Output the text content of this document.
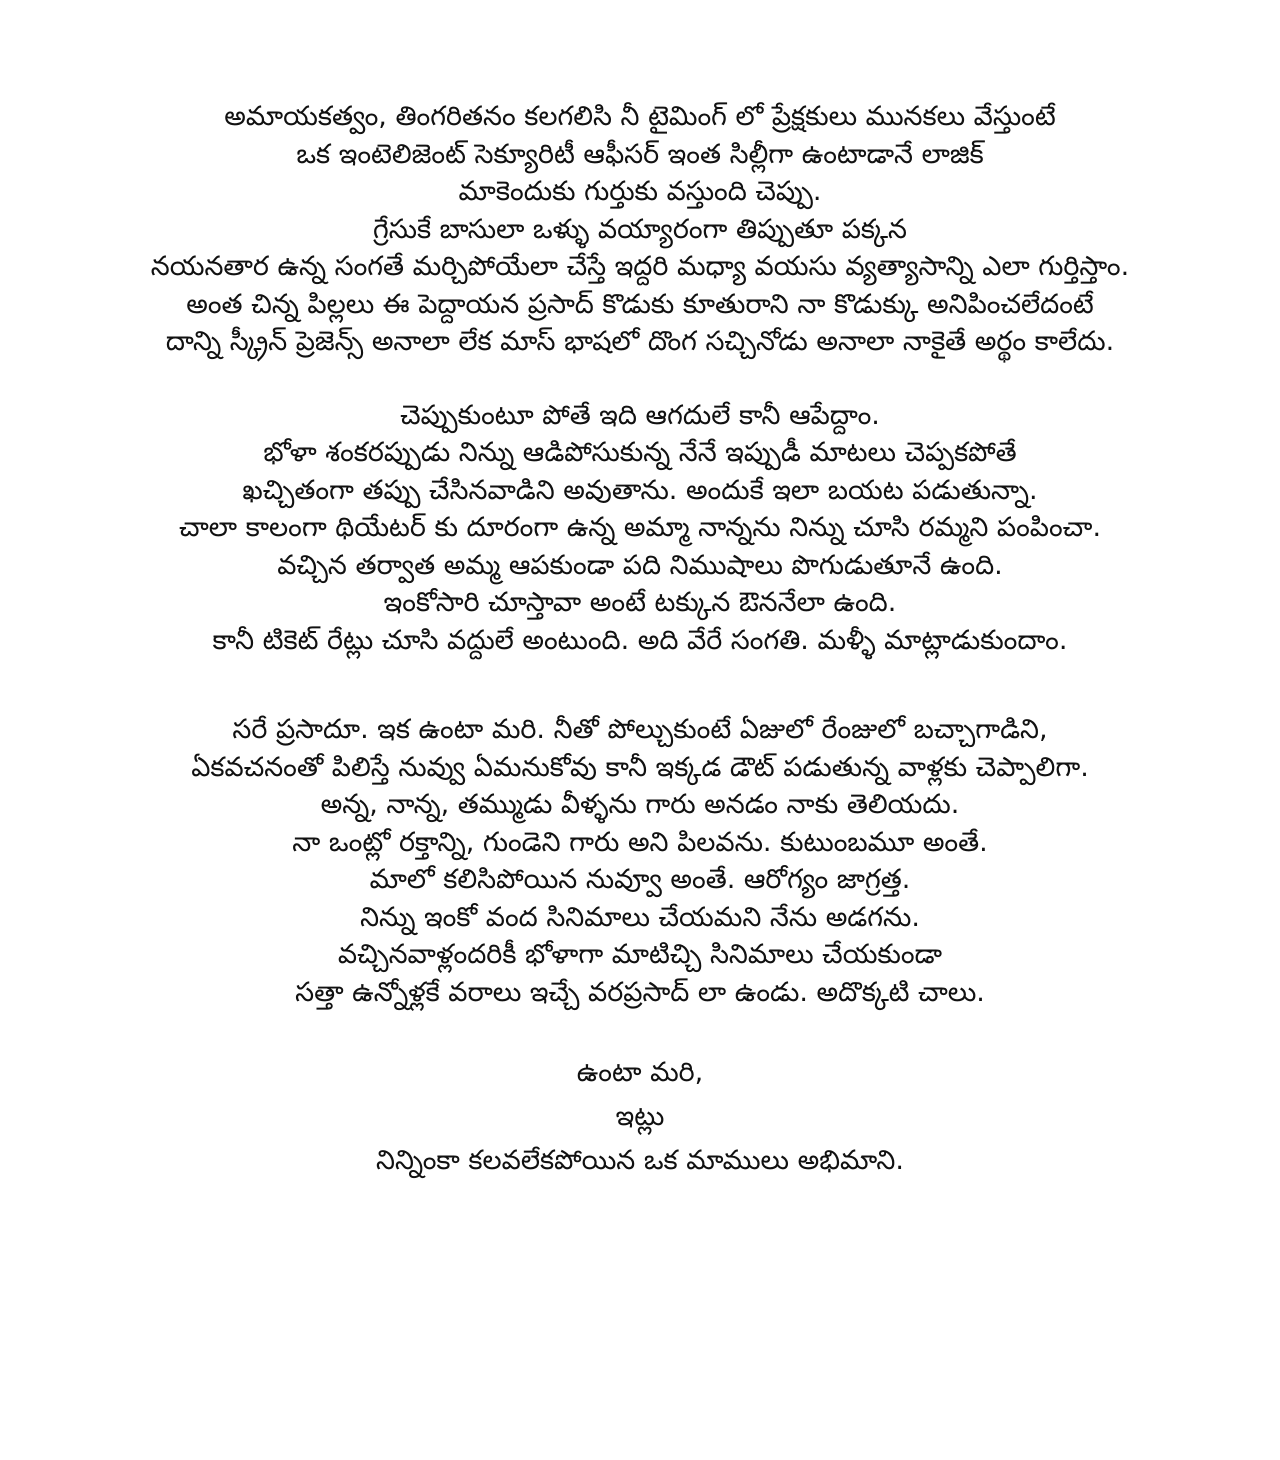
అమాయకత్వం, తింగరితనం కలగలిసి నీ టైమింగ్ లో ప్రేక్షకులు మునకలు వేస్తుంటే
ఒక ఇంటెలిజెంట్ సెక్యూరిటీ ఆఫీసర్ ఇంత సిల్లీగా ఉంటాడానే లాజిక్
మాకెందుకు గుర్తుకు వస్తుంది చెప్పు.
గ్రేసుకే బాసులా ఒళ్ళు వయ్యారంగా తిప్పుతూ పక్కన
నయనతార ఉన్న సంగతే మర్చిపోయేలా చేస్తే ఇద్దరి మధ్యా వయసు వ్యత్యాసాన్ని ఎలా గుర్తిస్తాం.
అంత చిన్న పిల్లలు ఈ పెద్దాయన ప్రసాద్ కొడుకు కూతురాని నా కొడుక్కు అనిపించలేదంటే
దాన్ని స్క్రీన్ ప్రెజెన్స్ అనాలా లేక మాస్ భాషలో దొంగ సచ్చినోడు అనాలా నాకైతే అర్థం కాలేదు.

చెప్పుకుంటూ పోతే ఇది ఆగదులే కానీ ఆపేద్దాం.
భోళా శంకరప్పుడు నిన్ను ఆడిపోసుకున్న నేనే ఇప్పుడీ మాటలు చెప్పకపోతే
ఖచ్చితంగా తప్పు చేసినవాడిని అవుతాను. అందుకే ఇలా బయట పడుతున్నా.
చాలా కాలంగా థియేటర్ కు దూరంగా ఉన్న అమ్మా నాన్నను నిన్ను చూసి రమ్మని పంపించా.
వచ్చిన తర్వాత అమ్మ ఆపకుండా పది నిముషాలు పొగుడుతూనే ఉంది.
ఇంకోసారి చూస్తావా అంటే టక్కున ఔననేలా ఉంది.
కానీ టికెట్ రేట్లు చూసి వద్దులే అంటుంది. అది వేరే సంగతి. మళ్ళీ మాట్లాడుకుందాం.

సరే ప్రసాదూ. ఇక ఉంటా మరి. నీతో పోల్చుకుంటే ఏజులో రేంజులో బచ్చాగాడిని,
ఏకవచనంతో పిలిస్తే నువ్వు ఏమనుకోవు కానీ ఇక్కడ డౌట్ పడుతున్న వాళ్లకు చెప్పాలిగా.
అన్న, నాన్న, తమ్ముడు వీళ్ళను గారు అనడం నాకు తెలియదు.
నా ఒంట్లో రక్తాన్ని, గుండెని గారు అని పిలవను. కుటుంబమూ అంతే.
మాలో కలిసిపోయిన నువ్వూ అంతే. ఆరోగ్యం జాగ్రత్త.
నిన్ను ఇంకో వంద సినిమాలు చేయమని నేను అడగను.
వచ్చినవాళ్లందరికీ భోళాగా మాటిచ్చి సినిమాలు చేయకుండా
సత్తా ఉన్నోళ్లకే వరాలు ఇచ్చే వరప్రసాద్ లా ఉండు. అదొక్కటి చాలు.

ఉంటా మరి,
ఇట్లు
నిన్నింకా కలవలేకపోయిన ఒక మాములు అభిమాని.
